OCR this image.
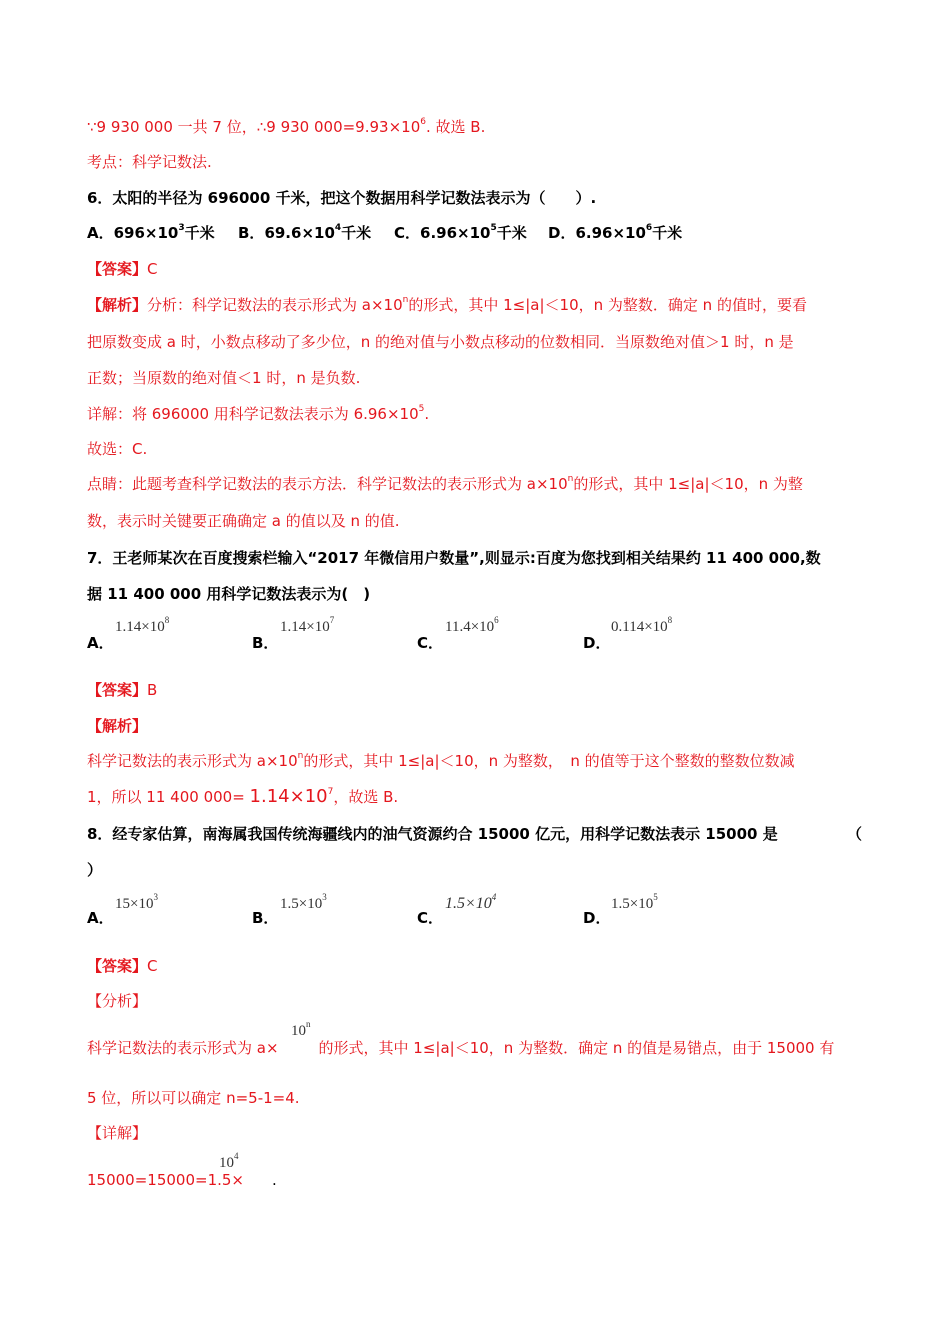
∵9 930 000 一共 7 位，∴9 930 $000=9.93\times 10^6$. 故选 B.
考点：科学记数法.
6．太阳的半径为 696000 千米，把这个数据用科学记数法表示为（　　）.
A．$696\times 10^3$千米 B．$69.6\times 10^4$千米 C．$6.96\times 10^5$千米 D．$6.96\times 10^6$千米
【答案】C
【解析】分析：科学记数法的表示形式为 $a\times 10^n$的形式，其中 1≤|a|＜10，n 为整数．确定 n 的值时，要看
把原数变成 a 时，小数点移动了多少位，n 的绝对值与小数点移动的位数相同．当原数绝对值＞1 时，n 是
正数；当原数的绝对值＜1 时，n 是负数.
详解：将 696000 用科学记数法表示为 $6.96\times 10^5$.
故选：C.
点睛：此题考查科学记数法的表示方法．科学记数法的表示形式为 $a\times 10^n$的形式，其中 1≤|a|＜10，n 为整
数，表示时关键要正确确定 a 的值以及 n 的值.
7．王老师某次在百度搜索栏输入“2017 年微信用户数量”,则显示:百度为您找到相关结果约 11 400 000,数
据 11 400 000 用科学记数法表示为(　)
A．
$1.14\times 10^8$
B．
$1.14\times 10^7$
C．
$11.4\times 10^6$
D．
$0.114\times 10^8$
【答案】B
【解析】
科学记数法的表示形式为 $a\times 10^n$的形式，其中 1≤|a|＜10，n 为整数，　n 的值等于这个整数的整数位数减
1，所以 11 400 $000= 1.14\times 10^7$，故选 B.
8．经专家估算，南海属我国传统海疆线内的油气资源约合 15000 亿元，用科学记数法表示 15000 是	（
）
A．
$15\times 10^3$
B．
$1.5\times 10^3$
C．
$1.5\times 10^4$
D．
$1.5\times 10^5$
【答案】C
【分析】
10$^n$
科学记数法的表示形式为 a×	的形式，其中 1≤|a|＜10，n 为整数．确定 n 的值是易错点，由于 15000 有
5 位，所以可以确定 n=5-1=4.
【详解】
$10^4$
15000=15000=1.5× .
